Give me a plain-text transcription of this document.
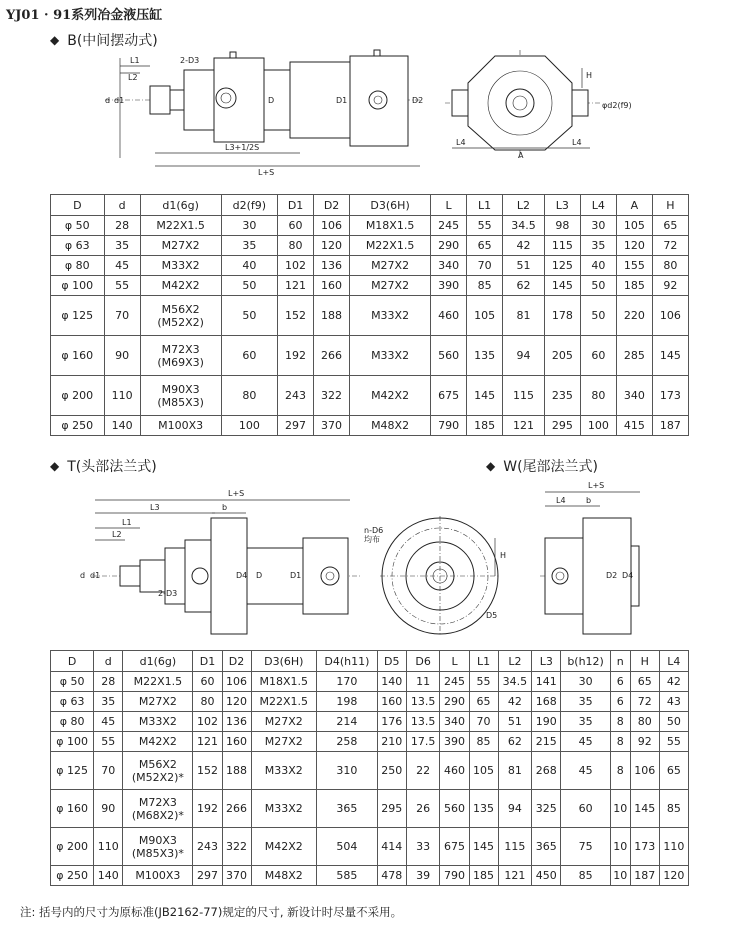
YJ01 · 91系列冶金液压缸
◆ B(中间摆动式)
L1
L2
2-D3
d d1	D	D1	D2
L3+1/2S
L+S
L4
A
L4
H
φd2(f9)
D	d	d1(6g)	d2(f9)	D1	D2	D3(6H)	L	L1	L2	L3	L4	A	H
φ 50	28	M22X1.5	30	60	106	M18X1.5	245	55	34.5	98	30	105	65
φ 63	35	M27X2	35	80	120	M22X1.5	290	65	42	115	35	120	72
φ 80	45	M33X2	40	102	136	M27X2	340	70	51	125	40	155	80
φ 100	55	M42X2	50	121	160	M27X2	390	85	62	145	50	185	92
φ 125	70	M56X2
(M52X2)	50	152	188	M33X2	460	105	81	178	50	220	106
φ 160	90	M72X3
(M69X3)	60	192	266	M33X2	560	135	94	205	60	285	145
φ 200	110	M90X3
(M85X3)	80	243	322	M42X2	675	145	115	235	80	340	173
φ 250	140	M100X3	100	297	370	M48X2	790	185	121	295	100	415	187
◆ T(头部法兰式)	◆ W(尾部法兰式)
L+S
L3	b
L1
L2
d d1
2-D3
D4 D	D1
n-D6
均布
H
D5
L+S
L4	b
D2 D4
D	d	d1(6g)	D1	D2	D3(6H)	D4(h11)	D5	D6	L	L1	L2	L3	b(h12)	n	H	L4
φ 50	28	M22X1.5	60	106	M18X1.5	170	140	11	245	55	34.5	141	30	6	65	42
φ 63	35	M27X2	80	120	M22X1.5	198	160	13.5	290	65	42	168	35	6	72	43
φ 80	45	M33X2	102	136	M27X2	214	176	13.5	340	70	51	190	35	8	80	50
φ 100	55	M42X2	121	160	M27X2	258	210	17.5	390	85	62	215	45	8	92	55
φ 125	70	M56X2
(M52X2)*	152	188	M33X2	310	250	22	460	105	81	268	45	8	106	65
φ 160	90	M72X3
(M68X2)*	192	266	M33X2	365	295	26	560	135	94	325	60	10	145	85
φ 200	110	M90X3
(M85X3)*	243	322	M42X2	504	414	33	675	145	115	365	75	10	173	110
φ 250	140	M100X3	297	370	M48X2	585	478	39	790	185	121	450	85	10	187	120
注: 括号内的尺寸为原标准(JB2162-77)规定的尺寸, 新设计时尽量不采用。
